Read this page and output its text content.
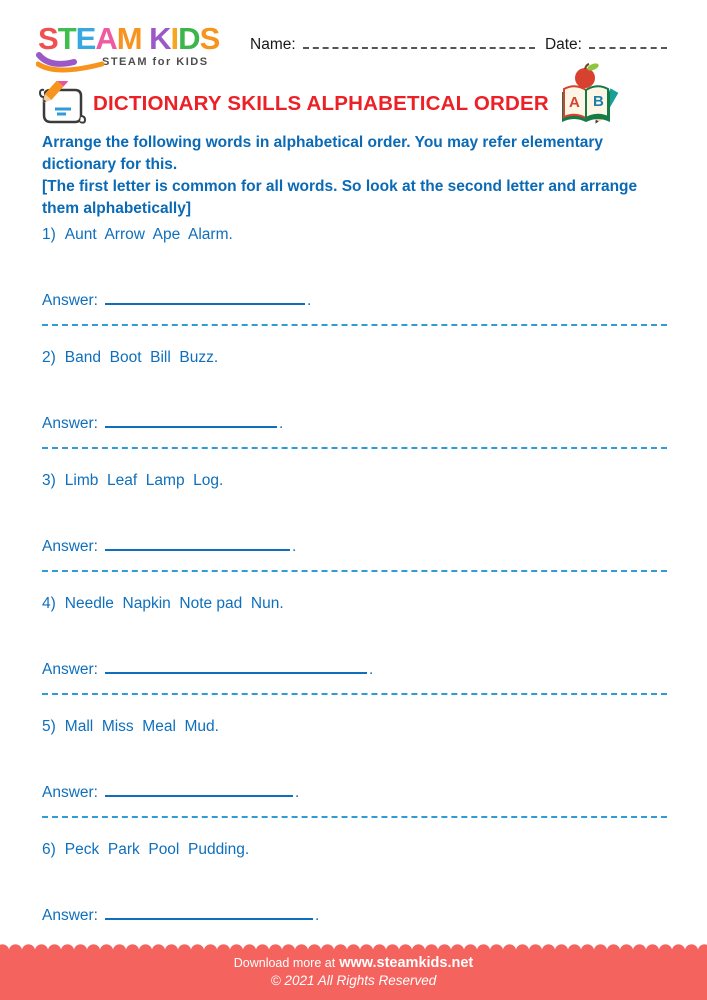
STEAM KIDS
STEAM for KIDS
Name:	Date:
DICTIONARY SKILLS ALPHABETICAL ORDER A B

Arrange the following words in alphabetical order. You may refer elementary dictionary for this.

[The first letter is common for all words. So look at the second letter and arrange them alphabetically]

1) Aunt  Arrow  Ape  Alarm.

Answer:	.

2) Band  Boot  Bill  Buzz.

Answer:	.

3) Limb  Leaf  Lamp  Log.

Answer:	.

4) Needle  Napkin  Note pad  Nun.

Answer:	.

5) Mall  Miss  Meal  Mud.

Answer:	.

6) Peck  Park  Pool  Pudding.

Answer:	.

Download more at www.steamkids.net
© 2021 All Rights Reserved
